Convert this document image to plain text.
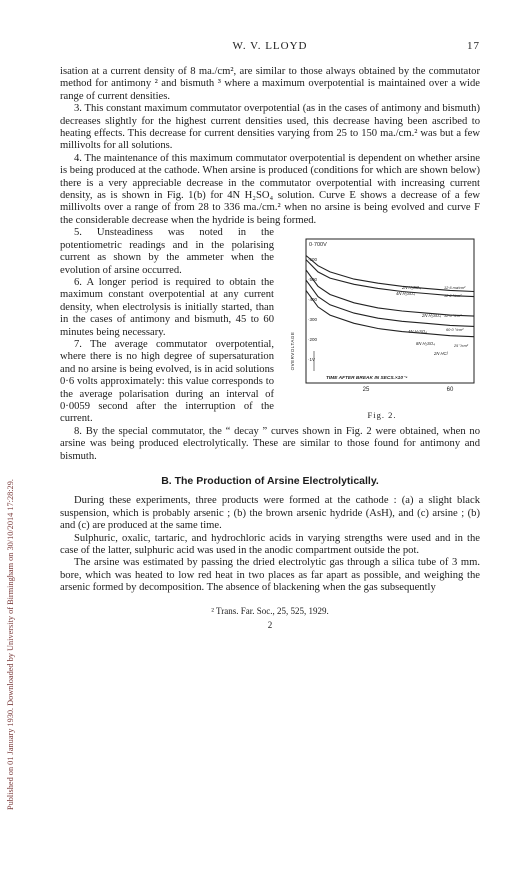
Published on 01 January 1930. Downloaded by University of Birmingham on 30/10/2014 17:28:29.
W. V. LLOYD	17

isation at a current density of 8 ma./cm², are similar to those always obtained by the commutator method for antimony ² and bismuth ³ where a maximum overpotential is maintained over a wide range of current densities.

3. This constant maximum commutator overpotential (as in the cases of antimony and bismuth) decreases slightly for the highest current densities used, this decrease having been ascribed to heating effects. This decrease for current densities varying from 25 to 150 ma./cm.² was but a few millivolts for all solutions.

4. The maintenance of this maximum commutator overpotential is dependent on whether arsine is being produced at the cathode. When arsine is produced (conditions for which are shown below) there is a very appreciable decrease in the commutator overpotential with increasing current density, as is shown in Fig. 1(b) for 4N H₂SO₄ solution. Curve E shows a decrease of a few millivolts over a range of from 28 to 336 ma./cm.² when no arsine is being evolved and curve F the considerable decrease when the hydride is being formed.

0·700V
·600
·500
·400
·300
·200
·1V
OVERVOLTAGE
TIME AFTER BREAK IN SECS.×10⁻⁴
25	60
2N H₂SO₄
4N H₂SO₄
2N H₂SO₄
4N H₂SO₄
8N H₂SO₄
2N HCl
12·6 ma/cm²
12·2 "/cm²
12·6 "/cm²
60·0 "/cm²
25 "/cm²
Fig. 2.

5. Unsteadiness was noted in the potentiometric readings and in the polarising current as shown by the ammeter when the evolution of arsine occurred.

6. A longer period is required to obtain the maximum constant overpotential at any current density, when electrolysis is initially started, than in the cases of antimony and bismuth, 45 to 60 minutes being necessary.

7. The average commutator overpotential, where there is no high degree of supersaturation and no arsine is being evolved, is in acid solutions 0·6 volts approximately: this value corresponds to the average polarisation during an interval of 0·0059 second after the interruption of the current.

8. By the special commutator, the “ decay ” curves shown in Fig. 2 were obtained, when no arsine was being produced electrolytically. These are similar to those found for antimony and bismuth.

B. The Production of Arsine Electrolytically.

During these experiments, three products were formed at the cathode : (a) a slight black suspension, which is probably arsenic ; (b) the brown arsenic hydride (AsH), and (c) arsine ; (b) and (c) are produced at the same time.

Sulphuric, oxalic, tartaric, and hydrochloric acids in varying strengths were used and in the case of the latter, sulphuric acid was used in the anodic compartment outside the pot.

The arsine was estimated by passing the dried electrolytic gas through a silica tube of 3 mm. bore, which was heated to low red heat in two places as far apart as possible, and weighing the arsenic formed by decomposition. The absence of blackening when the gas subsequently

² Trans. Far. Soc., 25, 525, 1929.
2
